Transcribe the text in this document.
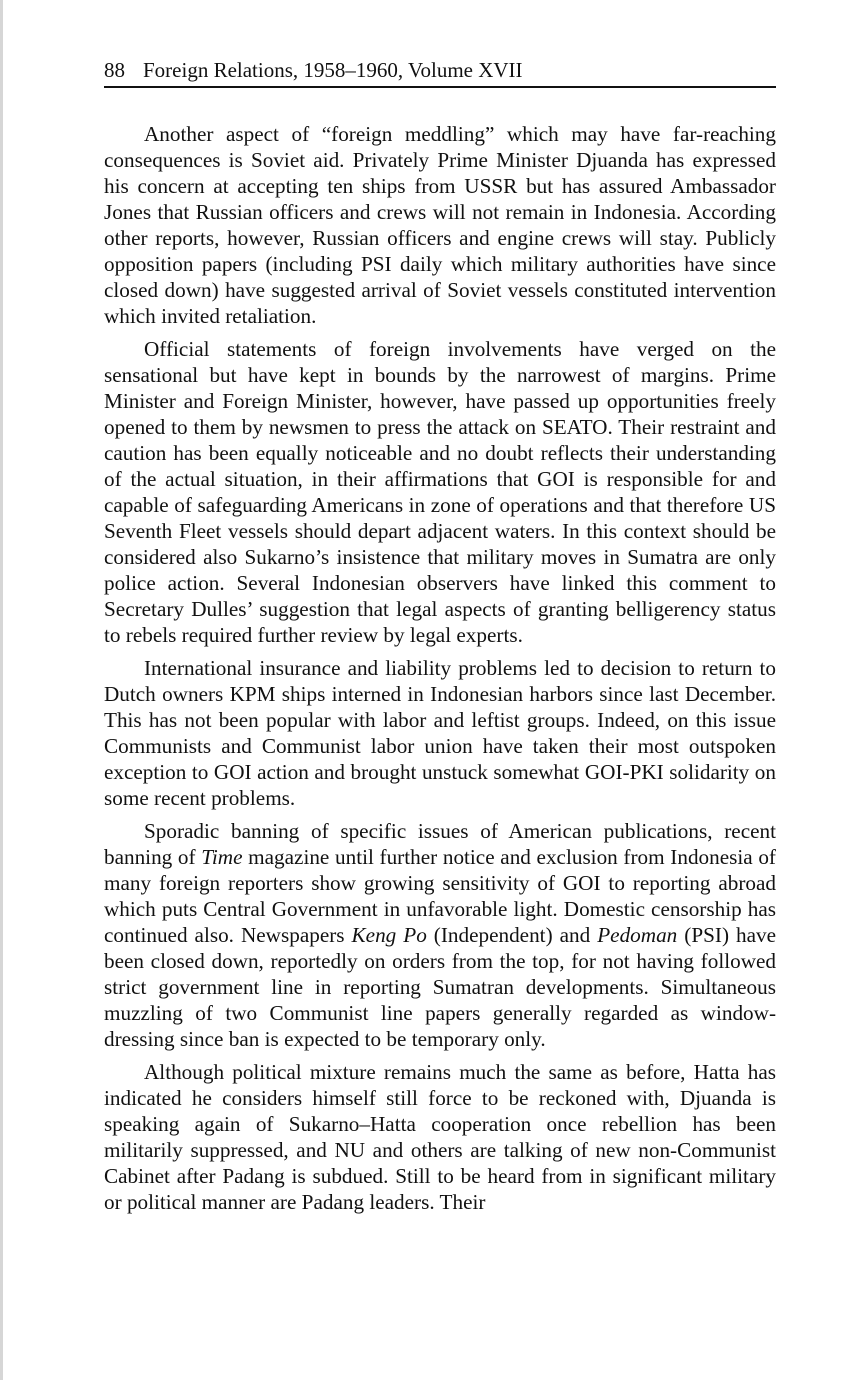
88 Foreign Relations, 1958–1960, Volume XVII

Another aspect of “foreign meddling” which may have far-reaching consequences is Soviet aid. Privately Prime Minister Djuanda has expressed his concern at accepting ten ships from USSR but has assured Ambassador Jones that Russian officers and crews will not remain in Indonesia. According other reports, however, Russian officers and engine crews will stay. Publicly opposition papers (including PSI daily which military authorities have since closed down) have suggested arrival of Soviet vessels constituted intervention which invited retaliation.

Official statements of foreign involvements have verged on the sensational but have kept in bounds by the narrowest of margins. Prime Minister and Foreign Minister, however, have passed up opportunities freely opened to them by newsmen to press the attack on SEATO. Their restraint and caution has been equally noticeable and no doubt reflects their understanding of the actual situation, in their affirmations that GOI is responsible for and capable of safeguarding Americans in zone of operations and that therefore US Seventh Fleet vessels should depart adjacent waters. In this context should be considered also Sukarno’s insistence that military moves in Sumatra are only police action. Several Indonesian observers have linked this comment to Secretary Dulles’ suggestion that legal aspects of granting belligerency status to rebels required further review by legal experts.

International insurance and liability problems led to decision to return to Dutch owners KPM ships interned in Indonesian harbors since last December. This has not been popular with labor and leftist groups. Indeed, on this issue Communists and Communist labor union have taken their most outspoken exception to GOI action and brought unstuck somewhat GOI-PKI solidarity on some recent problems.

Sporadic banning of specific issues of American publications, recent banning of Time magazine until further notice and exclusion from Indonesia of many foreign reporters show growing sensitivity of GOI to reporting abroad which puts Central Government in unfavorable light. Domestic censorship has continued also. Newspapers Keng Po (Independent) and Pedoman (PSI) have been closed down, reportedly on orders from the top, for not having followed strict government line in reporting Sumatran developments. Simultaneous muzzling of two Communist line papers generally regarded as window-dressing since ban is expected to be temporary only.

Although political mixture remains much the same as before, Hatta has indicated he considers himself still force to be reckoned with, Djuanda is speaking again of Sukarno–Hatta cooperation once rebellion has been militarily suppressed, and NU and others are talking of new non-Communist Cabinet after Padang is subdued. Still to be heard from in significant military or political manner are Padang leaders. Their
